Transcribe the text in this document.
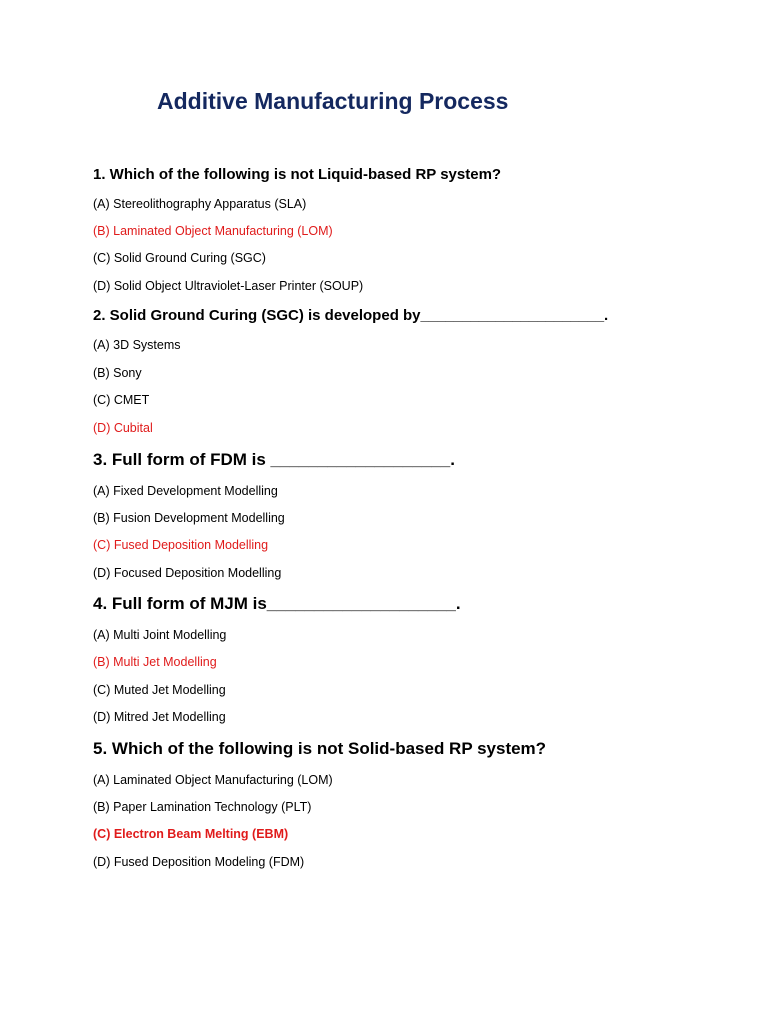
Additive Manufacturing Process

1. Which of the following is not Liquid-based RP system?

(A) Stereolithography Apparatus (SLA)

(B) Laminated Object Manufacturing (LOM)

(C) Solid Ground Curing (SGC)

(D) Solid Object Ultraviolet-Laser Printer (SOUP)

2. Solid Ground Curing (SGC) is developed by______________________.

(A) 3D Systems

(B) Sony

(C) CMET

(D) Cubital

3. Full form of FDM is ___________________.

(A) Fixed Development Modelling

(B) Fusion Development Modelling

(C) Fused Deposition Modelling

(D) Focused Deposition Modelling

4. Full form of MJM is____________________.

(A) Multi Joint Modelling

(B) Multi Jet Modelling

(C) Muted Jet Modelling

(D) Mitred Jet Modelling

5. Which of the following is not Solid-based RP system?

(A) Laminated Object Manufacturing (LOM)

(B) Paper Lamination Technology (PLT)

(C) Electron Beam Melting (EBM)

(D) Fused Deposition Modeling (FDM)
